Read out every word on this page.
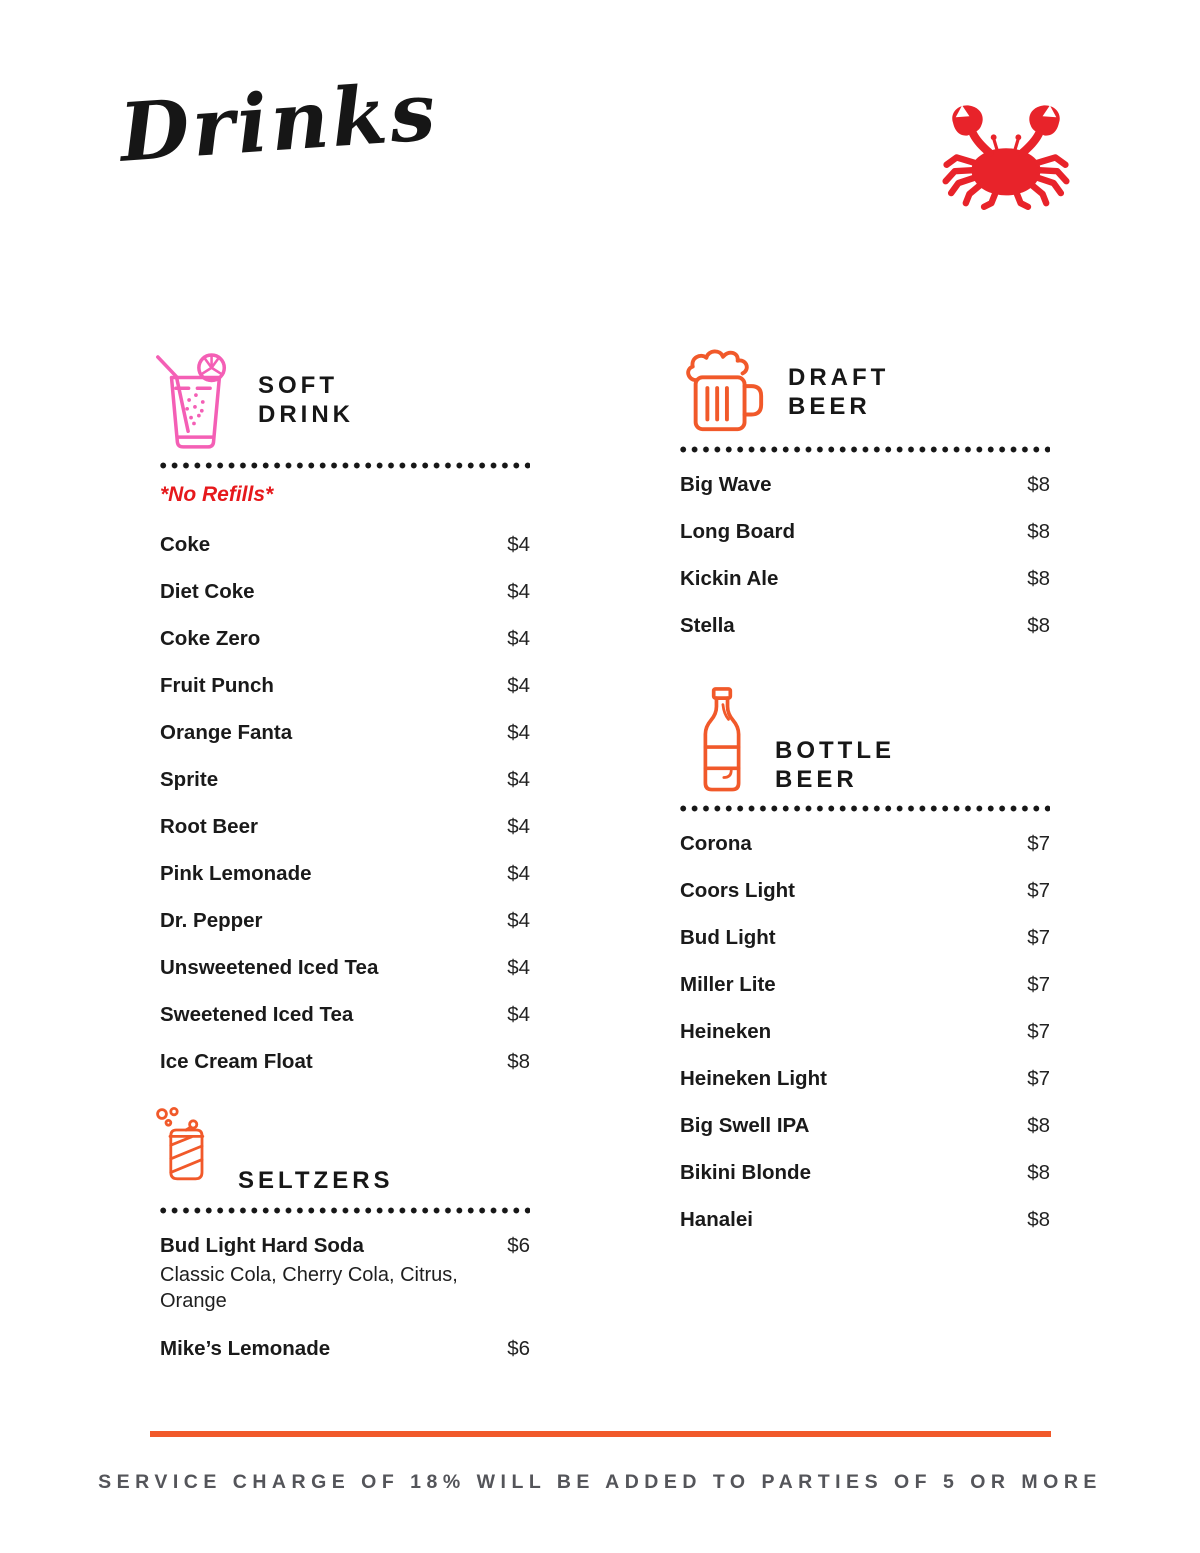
Drinks
SOFT
DRINK
*No Refills*
Coke	$4
Diet Coke	$4
Coke Zero	$4
Fruit Punch	$4
Orange Fanta	$4
Sprite	$4
Root Beer	$4
Pink Lemonade	$4
Dr. Pepper	$4
Unsweetened Iced Tea	$4
Sweetened Iced Tea	$4
Ice Cream Float	$8
SELTZERS
Bud Light Hard Soda	$6
Classic Cola, Cherry Cola, Citrus, Orange
Mike’s Lemonade	$6
DRAFT
BEER
Big Wave	$8
Long Board	$8
Kickin Ale	$8
Stella	$8
BOTTLE
BEER
Corona	$7
Coors Light	$7
Bud Light	$7
Miller Lite	$7
Heineken	$7
Heineken Light	$7
Big Swell IPA	$8
Bikini Blonde	$8
Hanalei	$8
SERVICE CHARGE OF 18% WILL BE ADDED TO PARTIES OF 5 OR MORE
